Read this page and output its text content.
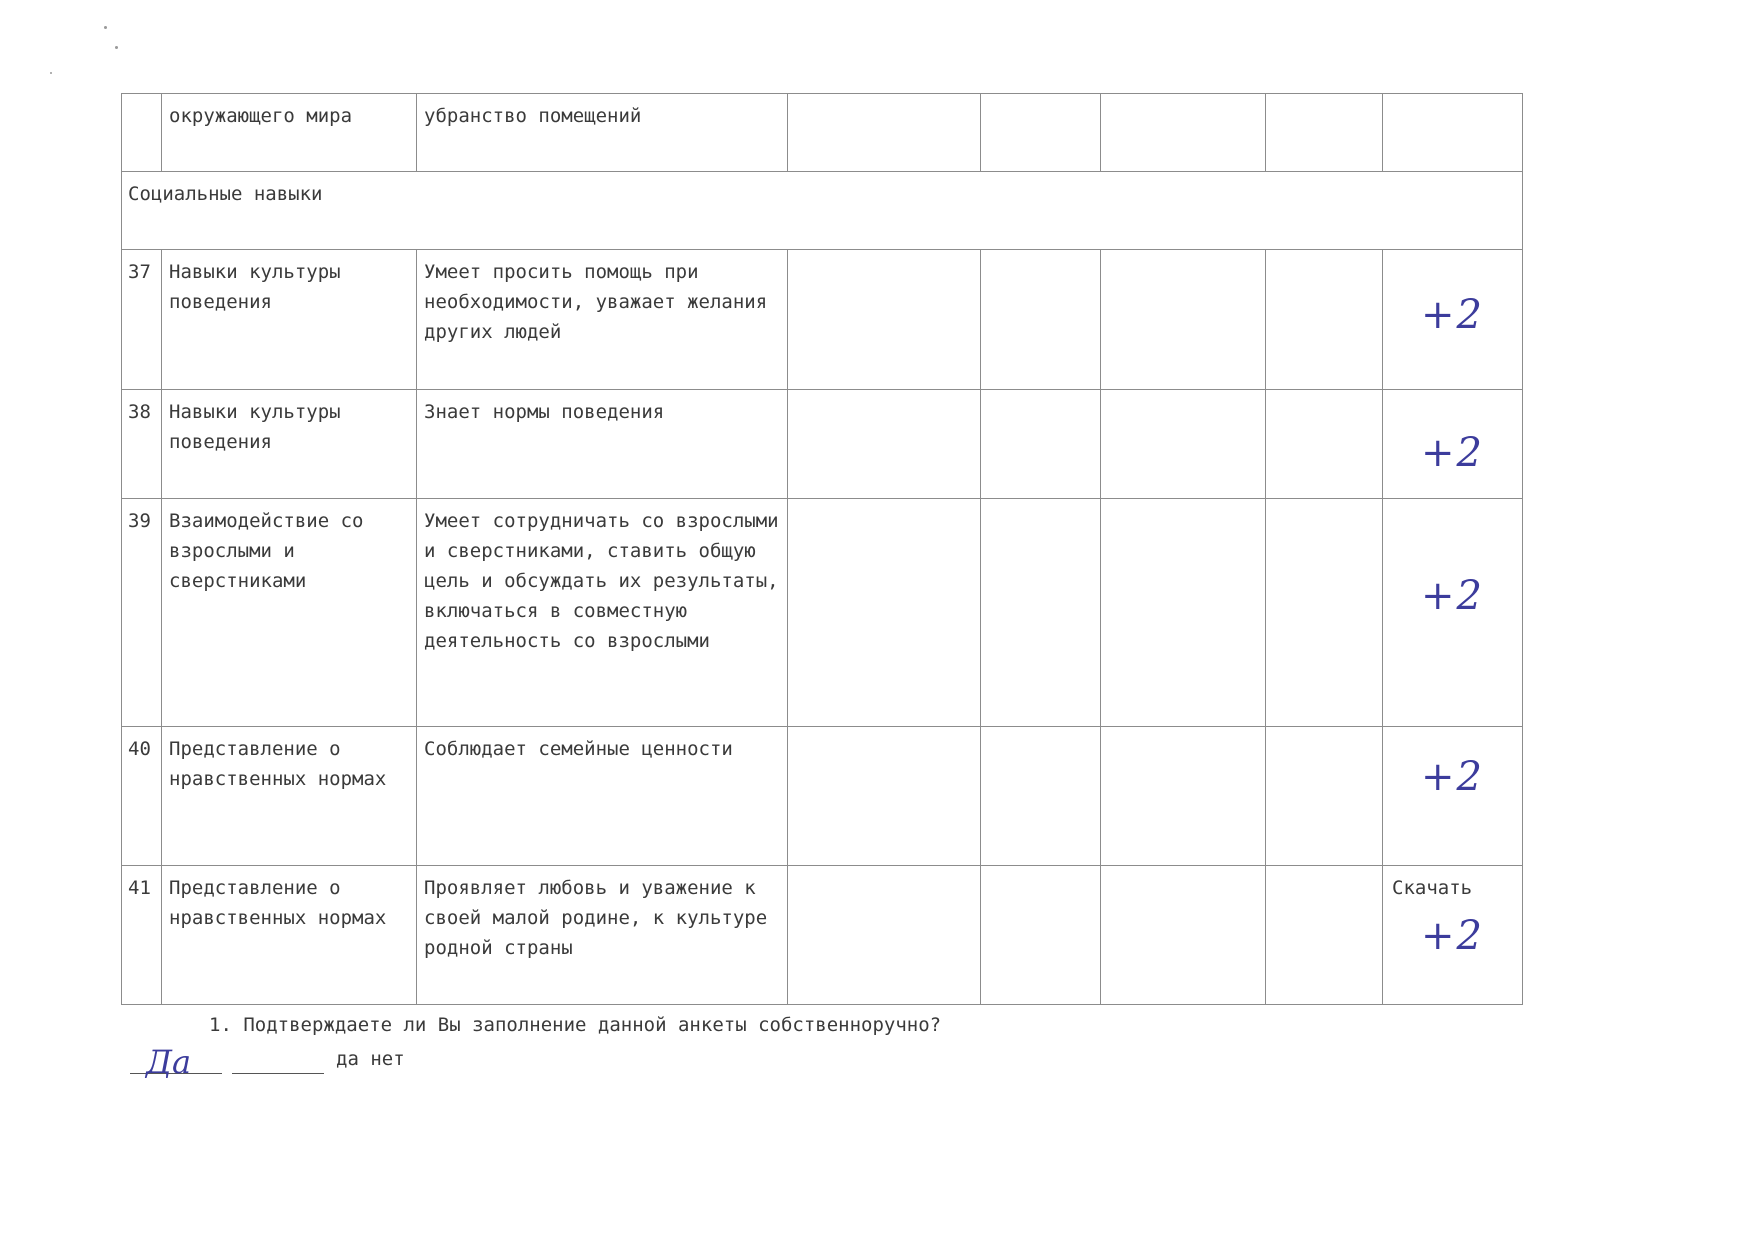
	окружающего мира	убранство помещений					
Социальные навыки							
37	Навыки культуры поведения	Умеет просить помощь при необходимости, уважает желания других людей					+2

38	Навыки культуры поведения	Знает нормы поведения					+2

39	Взаимодействие со взрослыми и сверстниками	Умеет сотрудничать со взрослыми и сверстниками, ставить общую цель и обсуждать их результаты, включаться в совместную деятельность со взрослыми					+2

40	Представление о нравственных нормах	Соблюдает семейные ценности					+2

41	Представление о нравственных нормах	Проявляет любовь и уважение к своей малой родине, к культуре родной страны					Скачать
+2
1. Подтверждаете ли Вы заполнение данной анкеты собственноручно?
Да	да нет
